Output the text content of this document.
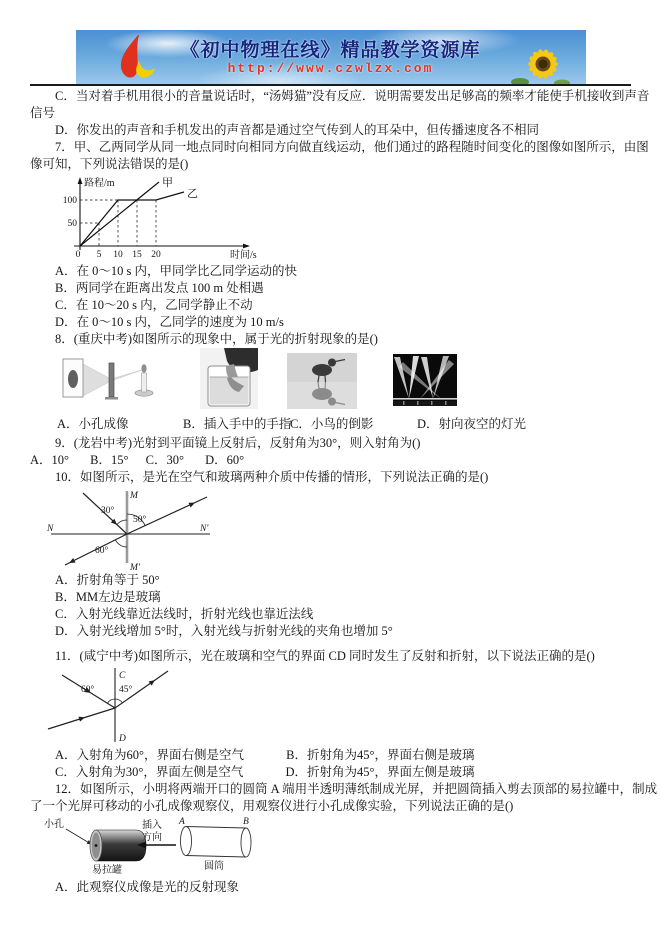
《初中物理在线》精品教学资源库
http://www.czwlzx.com

C．当对着手机用很小的音量说话时，“汤姆猫”没有反应．说明需要发出足够高的频率才能使手机接收到声音

信号

D．你发出的声音和手机发出的声音都是通过空气传到人的耳朵中，但传播速度各不相同

7．甲、乙两同学从同一地点同时向相同方向做直线运动，他们通过的路程随时间变化的图像如图所示，由图

像可知，下列说法错误的是()

0 5 10 15 20
50
100
路程/m
时间/s
甲
乙

A．在 0～10 s 内，甲同学比乙同学运动的快

B．两同学在距离出发点 100 m 处相遇

C．在 10～20 s 内，乙同学静止不动

D．在 0～10 s 内，乙同学的速度为 10 m/s

8．(重庆中考)如图所示的现象中，属于光的折射现象的是()

A．小孔成像	B．插入手中的手指
C．小鸟的倒影	D．射向夜空的灯光

9．(龙岩中考)光射到平面镜上反射后，反射角为30°，则入射角为()

A．10° B．15° C．30° D．60°

10．如图所示，是光在空气和玻璃两种介质中传播的情形，下列说法正确的是()

M
M′
N	N′
30°
50°
60°

A．折射角等于 50°

B．MM左边是玻璃

C．入射光线靠近法线时，折射光线也靠近法线

D．入射光线增加 5°时，入射光线与折射光线的夹角也增加 5°

11．(咸宁中考)如图所示，光在玻璃和空气的界面 CD 同时发生了反射和折射，以下说法正确的是()

C
D
60°	45°

A．入射角为60°，界面右侧是空气	B．折射角为45°，界面右侧是玻璃

C．入射角为30°，界面左侧是空气	D．折射角为45°，界面左侧是玻璃

12．如图所示，小明将两端开口的圆筒 A 端用半透明薄纸制成光屏，并把圆筒插入剪去顶部的易拉罐中，制成

了一个光屏可移动的小孔成像观察仪，用观察仪进行小孔成像实验，下列说法正确的是()

小孔
易拉罐
插入
方向
A	B
圆筒

A．此观察仪成像是光的反射现象
